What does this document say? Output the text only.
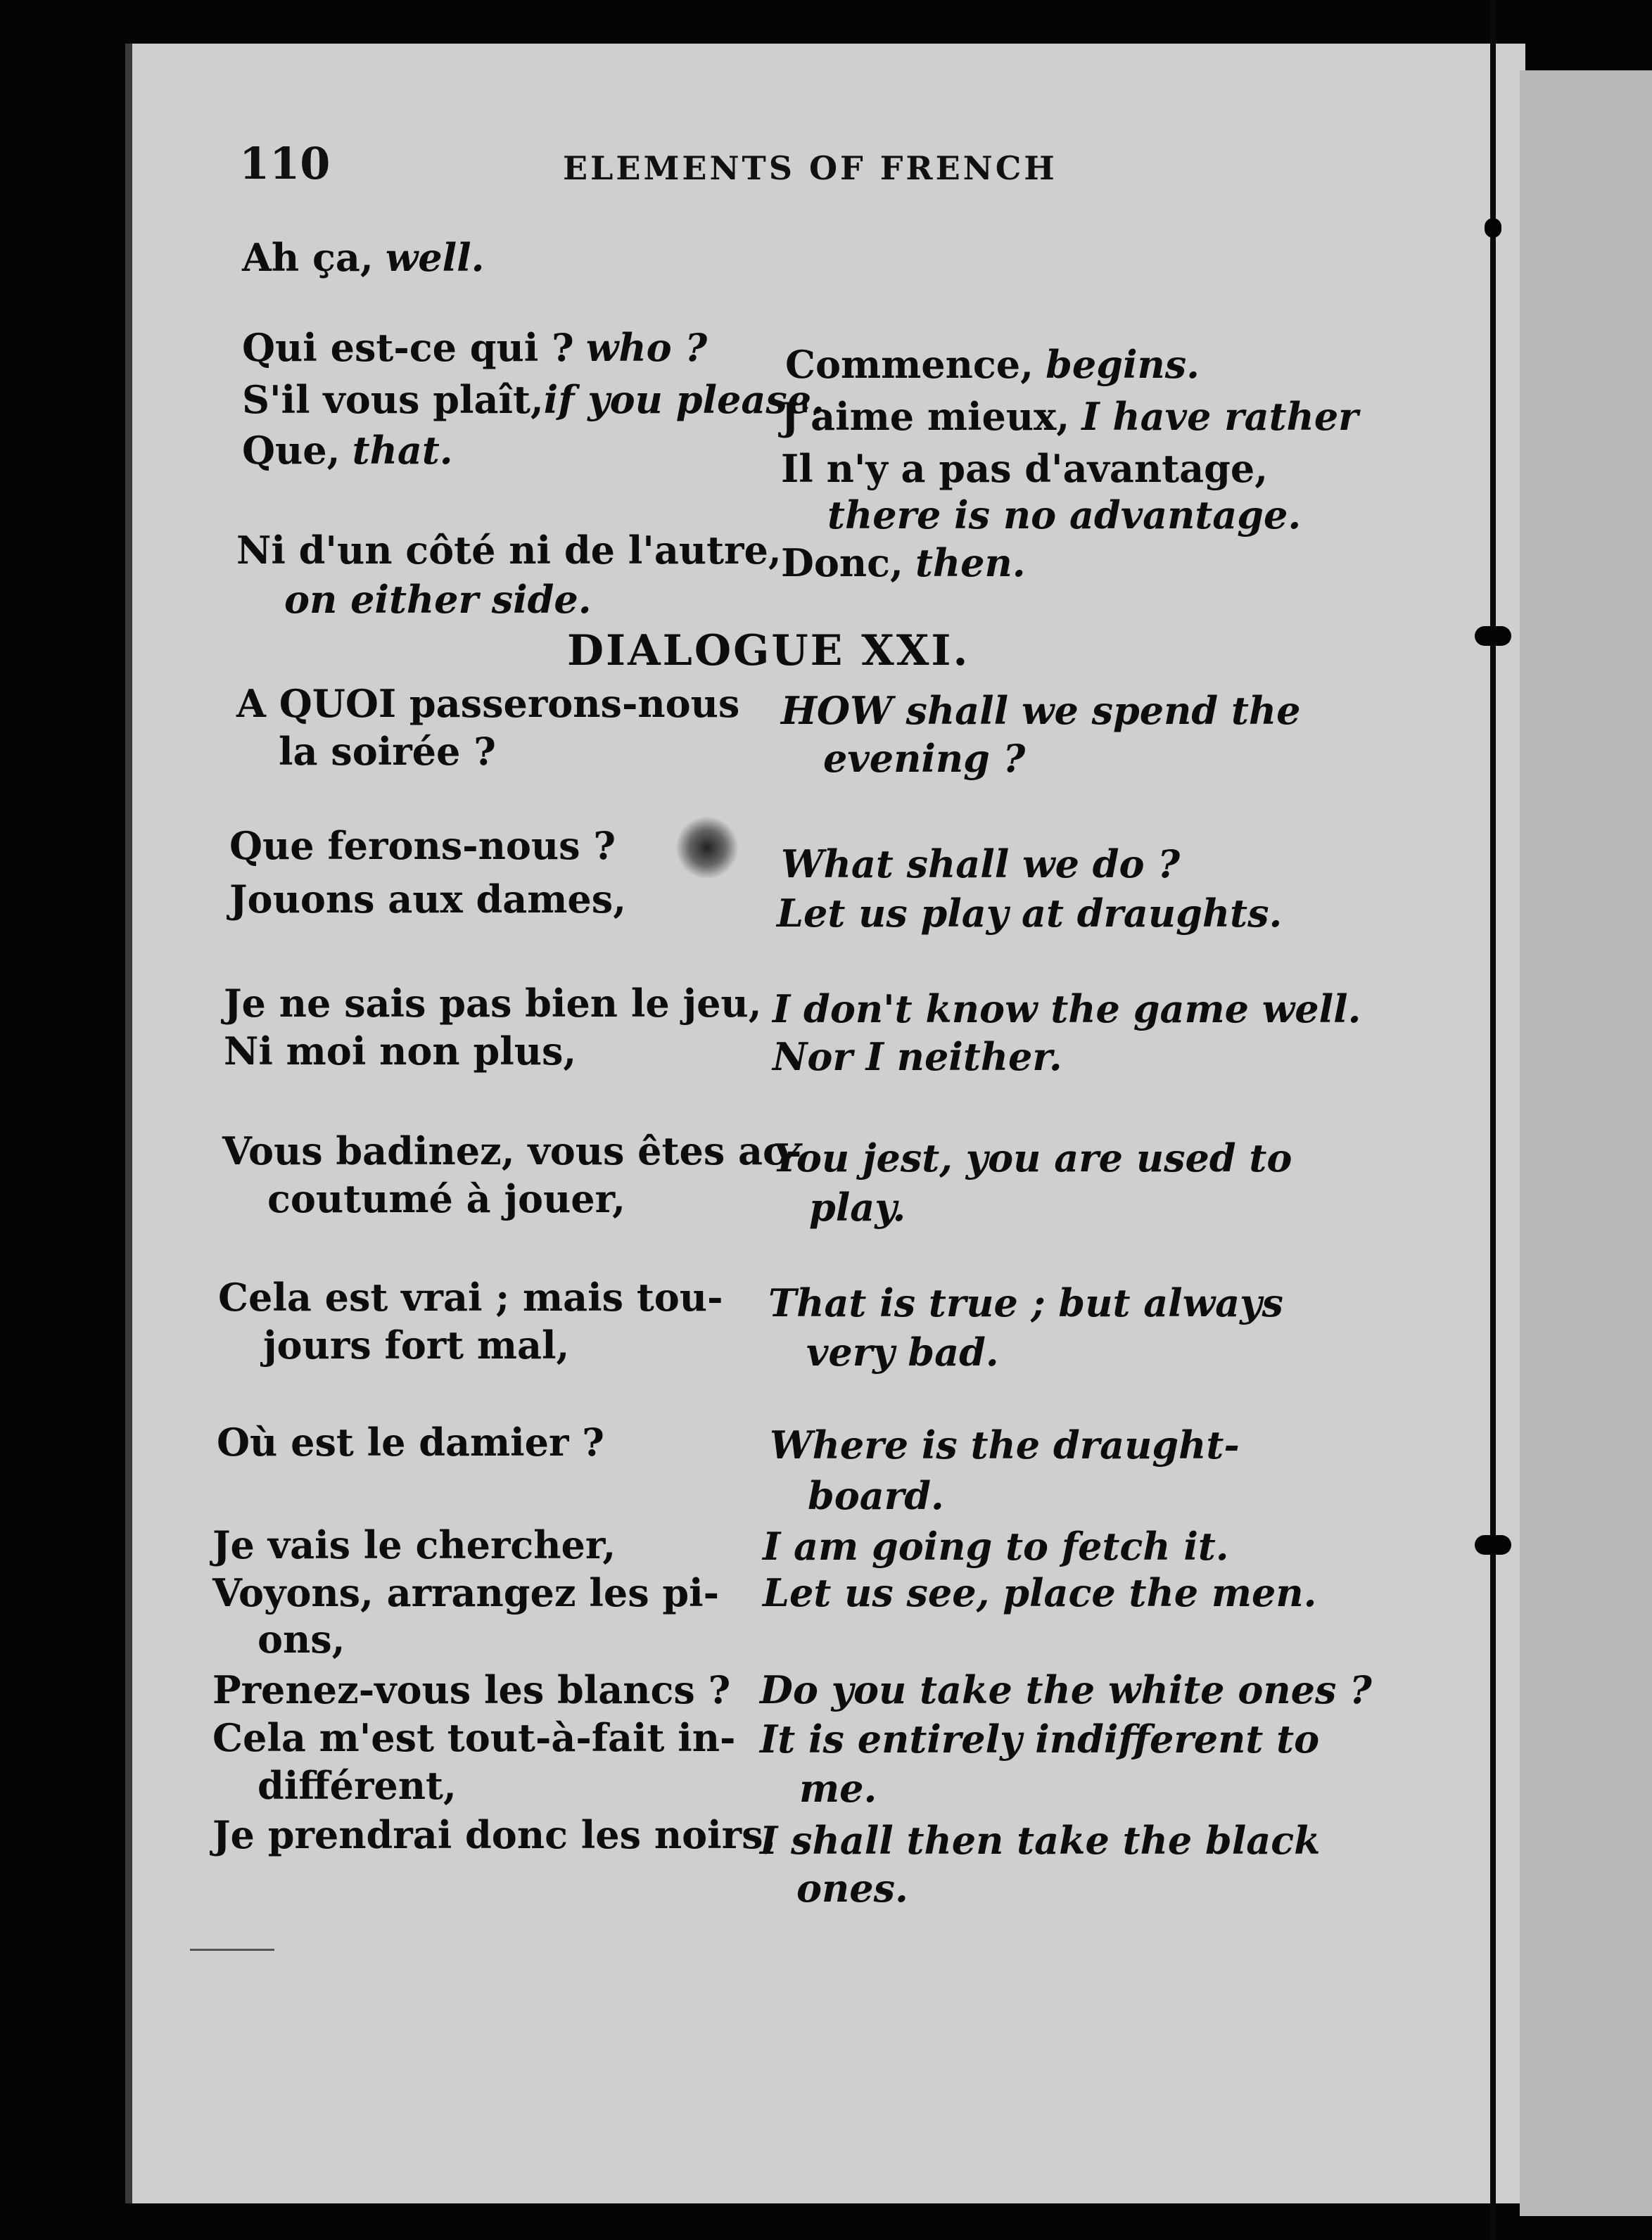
110	ELEMENTS OF FRENCH
Ah ça, well.
Qui est-ce qui ? who ?
S'il vous plaît,if you please.
Que, that.
Ni d'un côté ni de l'autre,
on either side.
Commence, begins.
J'aime mieux, I have rather
Il n'y a pas d'avantage,
there is no advantage.
Donc, then.
DIALOGUE XXI.
A QUOI passerons-nous
la soirée ?
Que ferons-nous ?
Jouons aux dames,
Je ne sais pas bien le jeu,
Ni moi non plus,
Vous badinez, vous êtes ac-
coutumé à jouer,
Cela est vrai ; mais tou-
jours fort mal,
Où est le damier ?
Je vais le chercher,
Voyons, arrangez les pi-
ons,
Prenez-vous les blancs ?
Cela m'est tout-à-fait in-
différent,
Je prendrai donc les noirs,
HOW shall we spend the
evening ?
What shall we do ?
Let us play at draughts.
I don't know the game well.
Nor I neither.
You jest, you are used to
play.
That is true ; but always
very bad.
Where is the draught-
board.
I am going to fetch it.
Let us see, place the men.
Do you take the white ones ?
It is entirely indifferent to
me.
I shall then take the black
ones.
